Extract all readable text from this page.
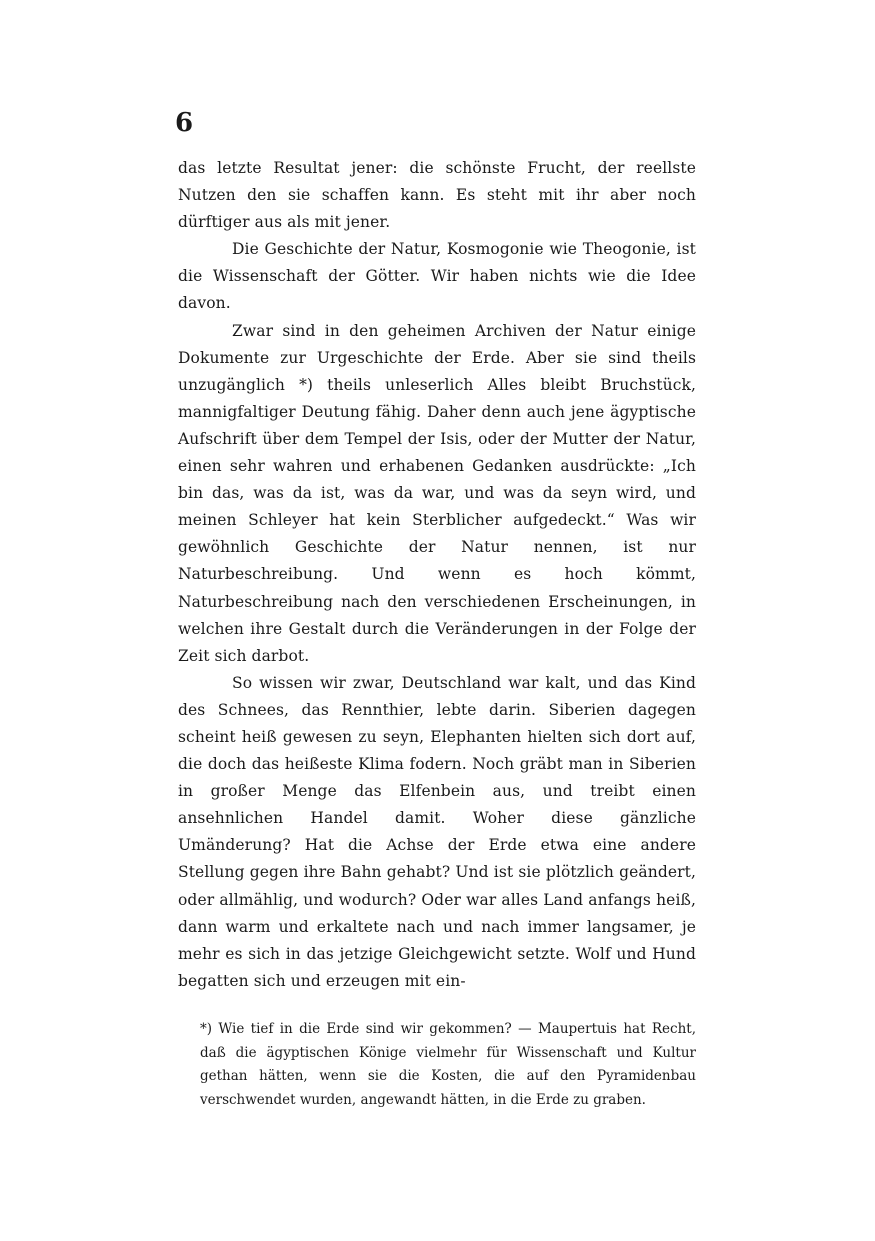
6

das letzte Resultat jener: die schönste Frucht, der reellste Nutzen den sie schaffen kann. Es steht mit ihr aber noch dürftiger aus als mit jener.

Die Geschichte der Natur, Kosmogonie wie Theogonie, ist die Wissenschaft der Götter. Wir haben nichts wie die Idee davon.

Zwar sind in den geheimen Archiven der Natur einige Dokumente zur Urgeschichte der Erde. Aber sie sind theils unzugänglich *) theils unleserlich Alles bleibt Bruchstück, mannigfaltiger Deutung fähig. Daher denn auch jene ägyptische Aufschrift über dem Tempel der Isis, oder der Mutter der Natur, einen sehr wahren und erhabenen Gedanken ausdrückte: „Ich bin das, was da ist, was da war, und was da seyn wird, und meinen Schleyer hat kein Sterblicher aufgedeckt.“ Was wir gewöhnlich Geschichte der Natur nennen, ist nur Naturbeschreibung. Und wenn es hoch kömmt, Naturbeschreibung nach den verschiedenen Erscheinungen, in welchen ihre Gestalt durch die Veränderungen in der Folge der Zeit sich darbot.

So wissen wir zwar, Deutschland war kalt, und das Kind des Schnees, das Rennthier, lebte darin. Siberien dagegen scheint heiß gewesen zu seyn, Elephanten hielten sich dort auf, die doch das heißeste Klima fodern. Noch gräbt man in Siberien in großer Menge das Elfenbein aus, und treibt einen ansehnlichen Handel damit. Woher diese gänzliche Umänderung? Hat die Achse der Erde etwa eine andere Stellung gegen ihre Bahn gehabt? Und ist sie plötzlich geändert, oder allmählig, und wodurch? Oder war alles Land anfangs heiß, dann warm und erkaltete nach und nach immer langsamer, je mehr es sich in das jetzige Gleichgewicht setzte. Wolf und Hund begatten sich und erzeugen mit ein-

*) Wie tief in die Erde sind wir gekommen? — Maupertuis hat Recht, daß die ägyptischen Könige vielmehr für Wissenschaft und Kultur gethan hätten, wenn sie die Kosten, die auf den Pyramidenbau verschwendet wurden, angewandt hätten, in die Erde zu graben.
